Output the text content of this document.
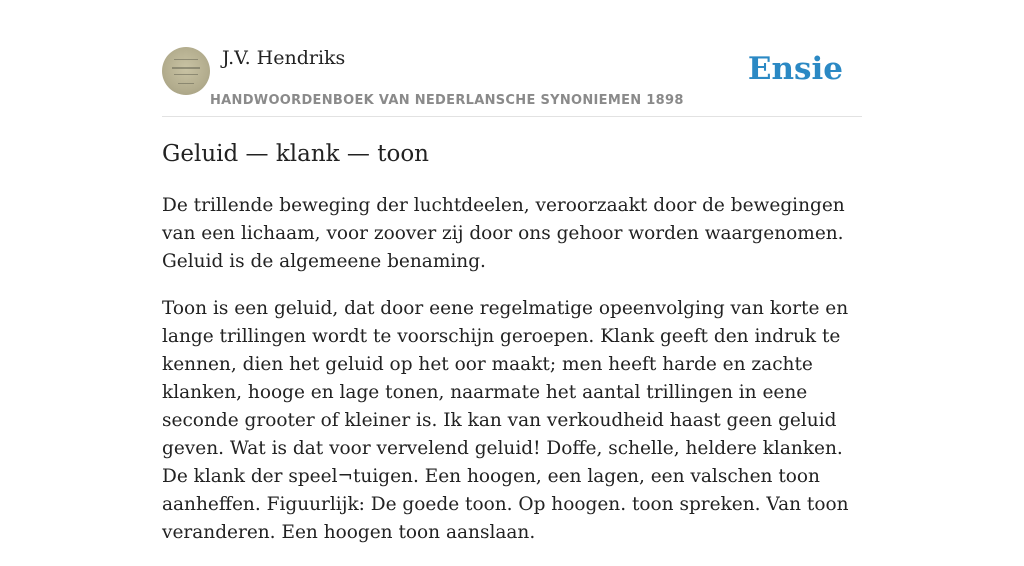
J.V. Hendriks
HANDWOORDENBOEK VAN NEDERLANSCHE SYNONIEMEN 1898
Ensie
Geluid — klank — toon

De trillende beweging der luchtdeelen, veroorzaakt door de bewegingen van een lichaam, voor zoover zij door ons gehoor worden waargenomen. Geluid is de algemeene benaming.

Toon is een geluid, dat door eene regelmatige opeenvolging van korte en lange trillingen wordt te voorschijn geroepen. Klank geeft den indruk te kennen, dien het geluid op het oor maakt; men heeft harde en zachte klanken, hooge en lage tonen, naarmate het aantal trillingen in eene seconde grooter of kleiner is. Ik kan van verkoudheid haast geen geluid geven. Wat is dat voor vervelend geluid! Doffe, schelle, heldere klanken. De klank der speel¬tuigen. Een hoogen, een lagen, een valschen toon aanheffen. Figuurlijk: De goede toon. Op hoogen. toon spreken. Van toon veranderen. Een hoogen toon aanslaan.
